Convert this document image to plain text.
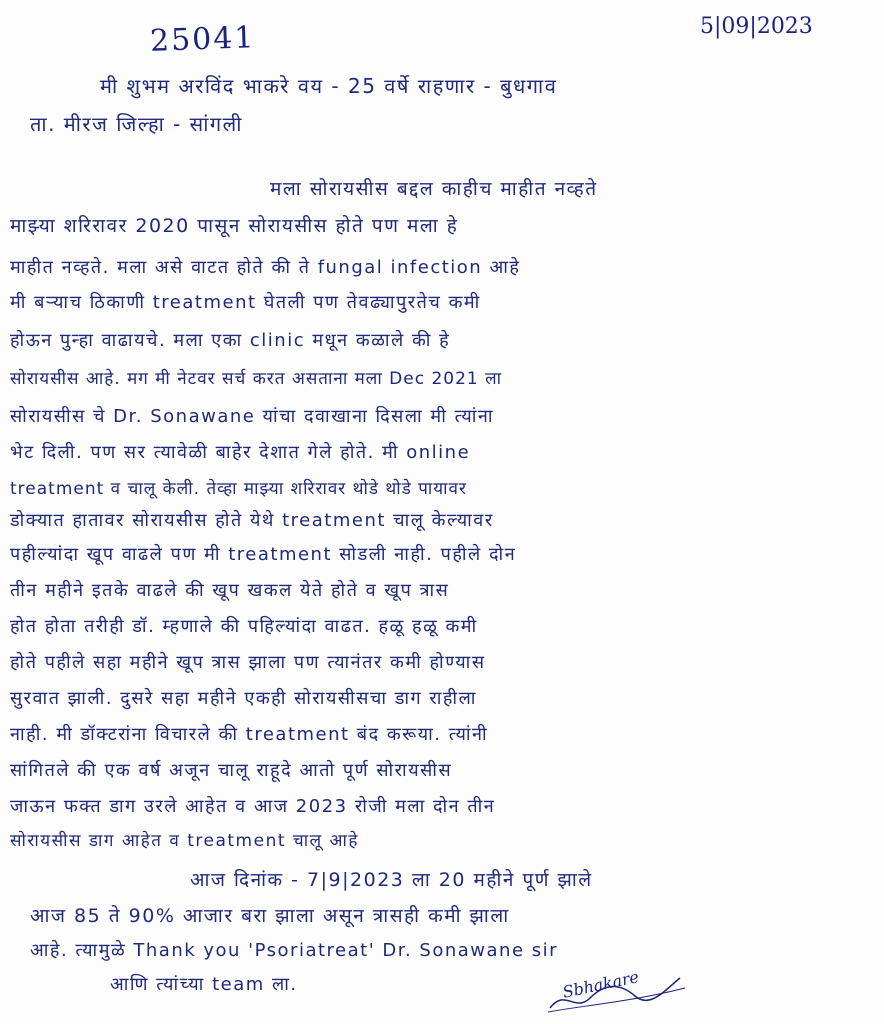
25041	5|09|2023
मी शुभम अरविंद भाकरे वय - 25 वर्षे राहणार - बुधगाव
ता. मीरज जिल्हा - सांगली
मला सोरायसीस बद्दल काहीच माहीत नव्हते
माझ्या शरिरावर 2020 पासून सोरायसीस होते पण मला हे
माहीत नव्हते. मला असे वाटत होते की ते fungal infection आहे
मी बऱ्याच ठिकाणी treatment घेतली पण तेवढ्यापुरतेच कमी
होऊन पुन्हा वाढायचे. मला एका clinic मधून कळाले की हे
सोरायसीस आहे. मग मी नेटवर सर्च करत असताना मला Dec 2021 ला
सोरायसीस चे Dr. Sonawane यांचा दवाखाना दिसला मी त्यांना
भेट दिली. पण सर त्यावेळी बाहेर देशात गेले होते. मी online
treatment व चालू केली. तेव्हा माझ्या शरिरावर थोडे थोडे पायावर
डोक्यात हातावर सोरायसीस होते येथे treatment चालू केल्यावर
पहील्यांदा खूप वाढले पण मी treatment सोडली नाही. पहीले दोन
तीन महीने इतके वाढले की खूप खकल येते होते व खूप त्रास
होत होता तरीही डॉ. म्हणाले की पहिल्यांदा वाढत. हळू हळू कमी
होते पहीले सहा महीने खूप त्रास झाला पण त्यानंतर कमी होण्यास
सुरवात झाली. दुसरे सहा महीने एकही सोरायसीसचा डाग राहीला
नाही. मी डॉक्टरांना विचारले की treatment बंद करूया. त्यांनी
सांगितले की एक वर्ष अजून चालू राहूदे आतो पूर्ण सोरायसीस
जाऊन फक्त डाग उरले आहेत व आज 2023 रोजी मला दोन तीन
सोरायसीस डाग आहेत व treatment चालू आहे
आज दिनांक - 7|9|2023 ला 20 महीने पूर्ण झाले
आज 85 ते 90% आजार बरा झाला असून त्रासही कमी झाला
आहे. त्यामुळे Thank you 'Psoriatreat' Dr. Sonawane sir
आणि त्यांच्या team ला.	Sbhakare
